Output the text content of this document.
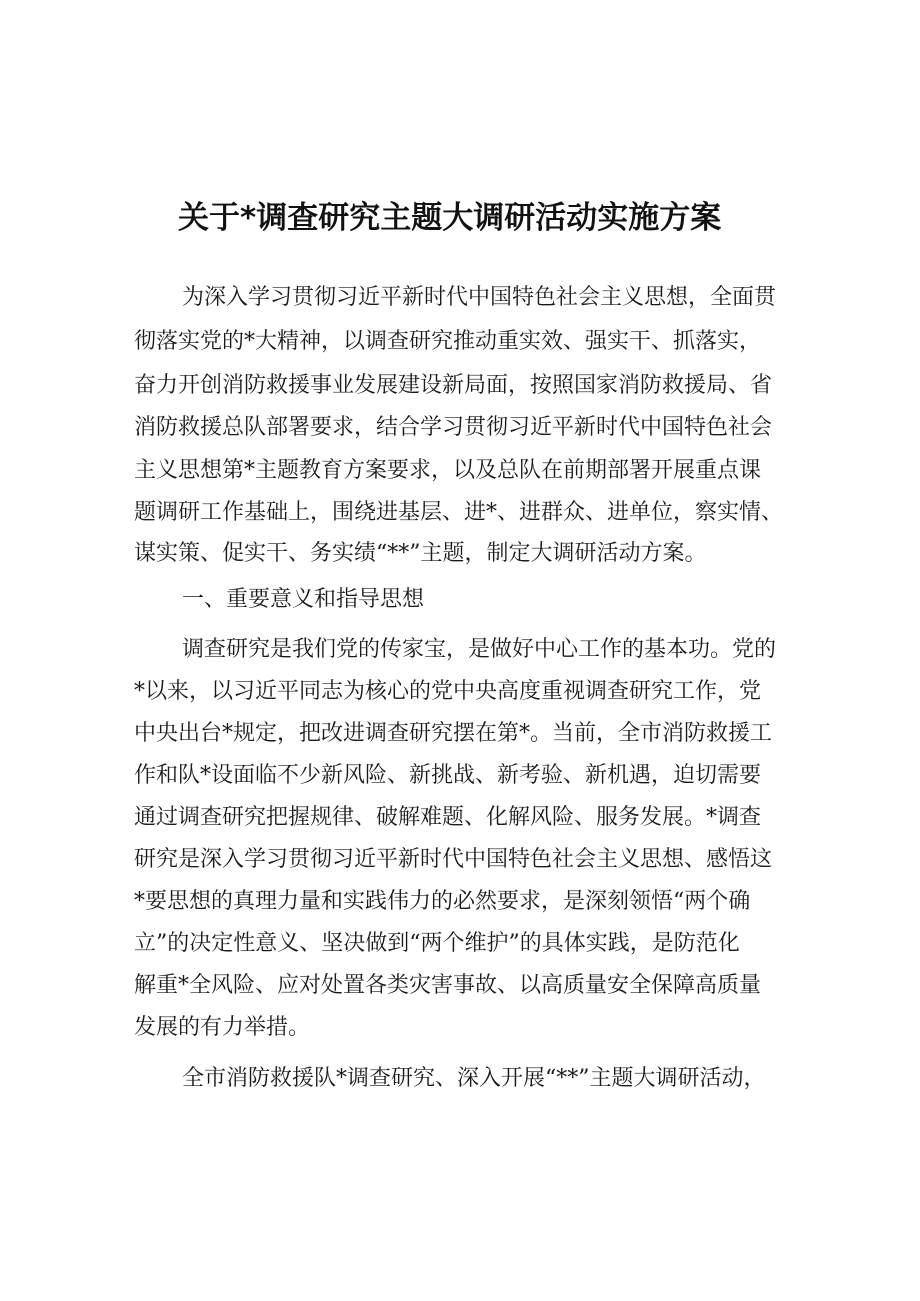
关于*调查研究主题大调研活动实施方案
为深入学习贯彻习近平新时代中国特色社会主义思想，全面贯
彻落实党的*大精神，以调查研究推动重实效、强实干、抓落实，
奋力开创消防救援事业发展建设新局面，按照国家消防救援局、省
消防救援总队部署要求，结合学习贯彻习近平新时代中国特色社会
主义思想第*主题教育方案要求，以及总队在前期部署开展重点课
题调研工作基础上，围绕进基层、进*、进群众、进单位，察实情、
谋实策、促实干、务实绩“**”主题，制定大调研活动方案。
一、重要意义和指导思想
调查研究是我们党的传家宝，是做好中心工作的基本功。党的
*以来，以习近平同志为核心的党中央高度重视调查研究工作，党
中央出台*规定，把改进调查研究摆在第*。当前，全市消防救援工
作和队*设面临不少新风险、新挑战、新考验、新机遇，迫切需要
通过调查研究把握规律、破解难题、化解风险、服务发展。*调查
研究是深入学习贯彻习近平新时代中国特色社会主义思想、感悟这
*要思想的真理力量和实践伟力的必然要求，是深刻领悟“两个确
立”的决定性意义、坚决做到“两个维护”的具体实践，是防范化
解重*全风险、应对处置各类灾害事故、以高质量安全保障高质量
发展的有力举措。
全市消防救援队*调查研究、深入开展“**”主题大调研活动，
